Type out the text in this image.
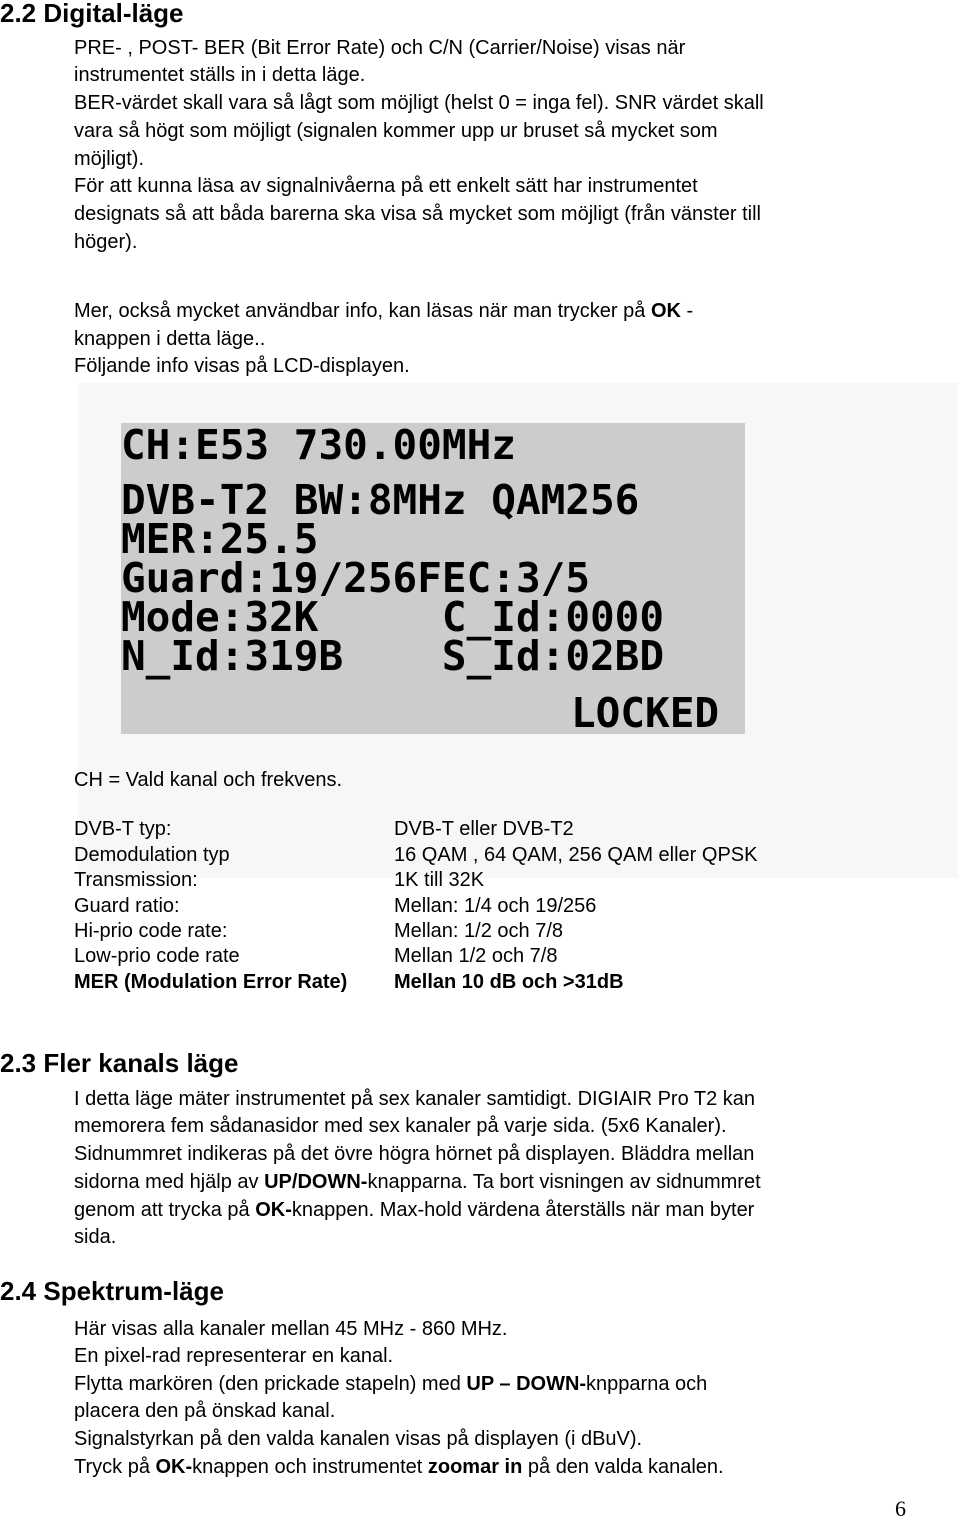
2.2 Digital-läge
PRE- , POST- BER (Bit Error Rate) och C/N (Carrier/Noise) visas när
instrumentet ställs in i detta läge.
BER-värdet skall vara så lågt som möjligt (helst 0 = inga fel). SNR värdet skall
vara så högt som möjligt (signalen kommer upp ur bruset så mycket som
möjligt).
För att kunna läsa av signalnivåerna på ett enkelt sätt har instrumentet
designats så att båda barerna ska visa så mycket som möjligt (från vänster till
höger).
Mer, också mycket användbar info, kan läsas när man trycker på OK -
knappen i detta läge..
Följande info visas på LCD-displayen.
CH:E53 730.00MHz
DVB-T2 BW:8MHz QAM256
MER:25.5
Guard:19/256FEC:3/5
Mode:32K     C_Id:0000
N_Id:319B    S_Id:02BD
LOCKED
CH = Vald kanal och frekvens.
DVB-T typ:	DVB-T eller DVB-T2
Demodulation typ	16 QAM , 64 QAM, 256 QAM eller QPSK
Transmission:	1K till 32K
Guard ratio:	Mellan: 1/4 och 19/256
Hi-prio code rate:	Mellan: 1/2 och 7/8
Low-prio code rate	Mellan 1/2 och 7/8
MER (Modulation Error Rate) Mellan 10 dB och >31dB
2.3 Fler kanals läge
I detta läge mäter instrumentet på sex kanaler samtidigt. DIGIAIR Pro T2 kan
memorera fem sådanasidor med sex kanaler på varje sida. (5x6 Kanaler).
Sidnummret indikeras på det övre högra hörnet på displayen. Bläddra mellan
sidorna med hjälp av UP/DOWN-knapparna. Ta bort visningen av sidnummret
genom att trycka på OK-knappen. Max-hold värdena återställs när man byter
sida.
2.4 Spektrum-läge
Här visas alla kanaler mellan 45 MHz - 860 MHz.
En pixel-rad representerar en kanal.
Flytta markören (den prickade stapeln) med UP – DOWN-knpparna och
placera den på önskad kanal.
Signalstyrkan på den valda kanalen visas på displayen (i dBuV).
Tryck på OK-knappen och instrumentet zoomar in på den valda kanalen.
6
